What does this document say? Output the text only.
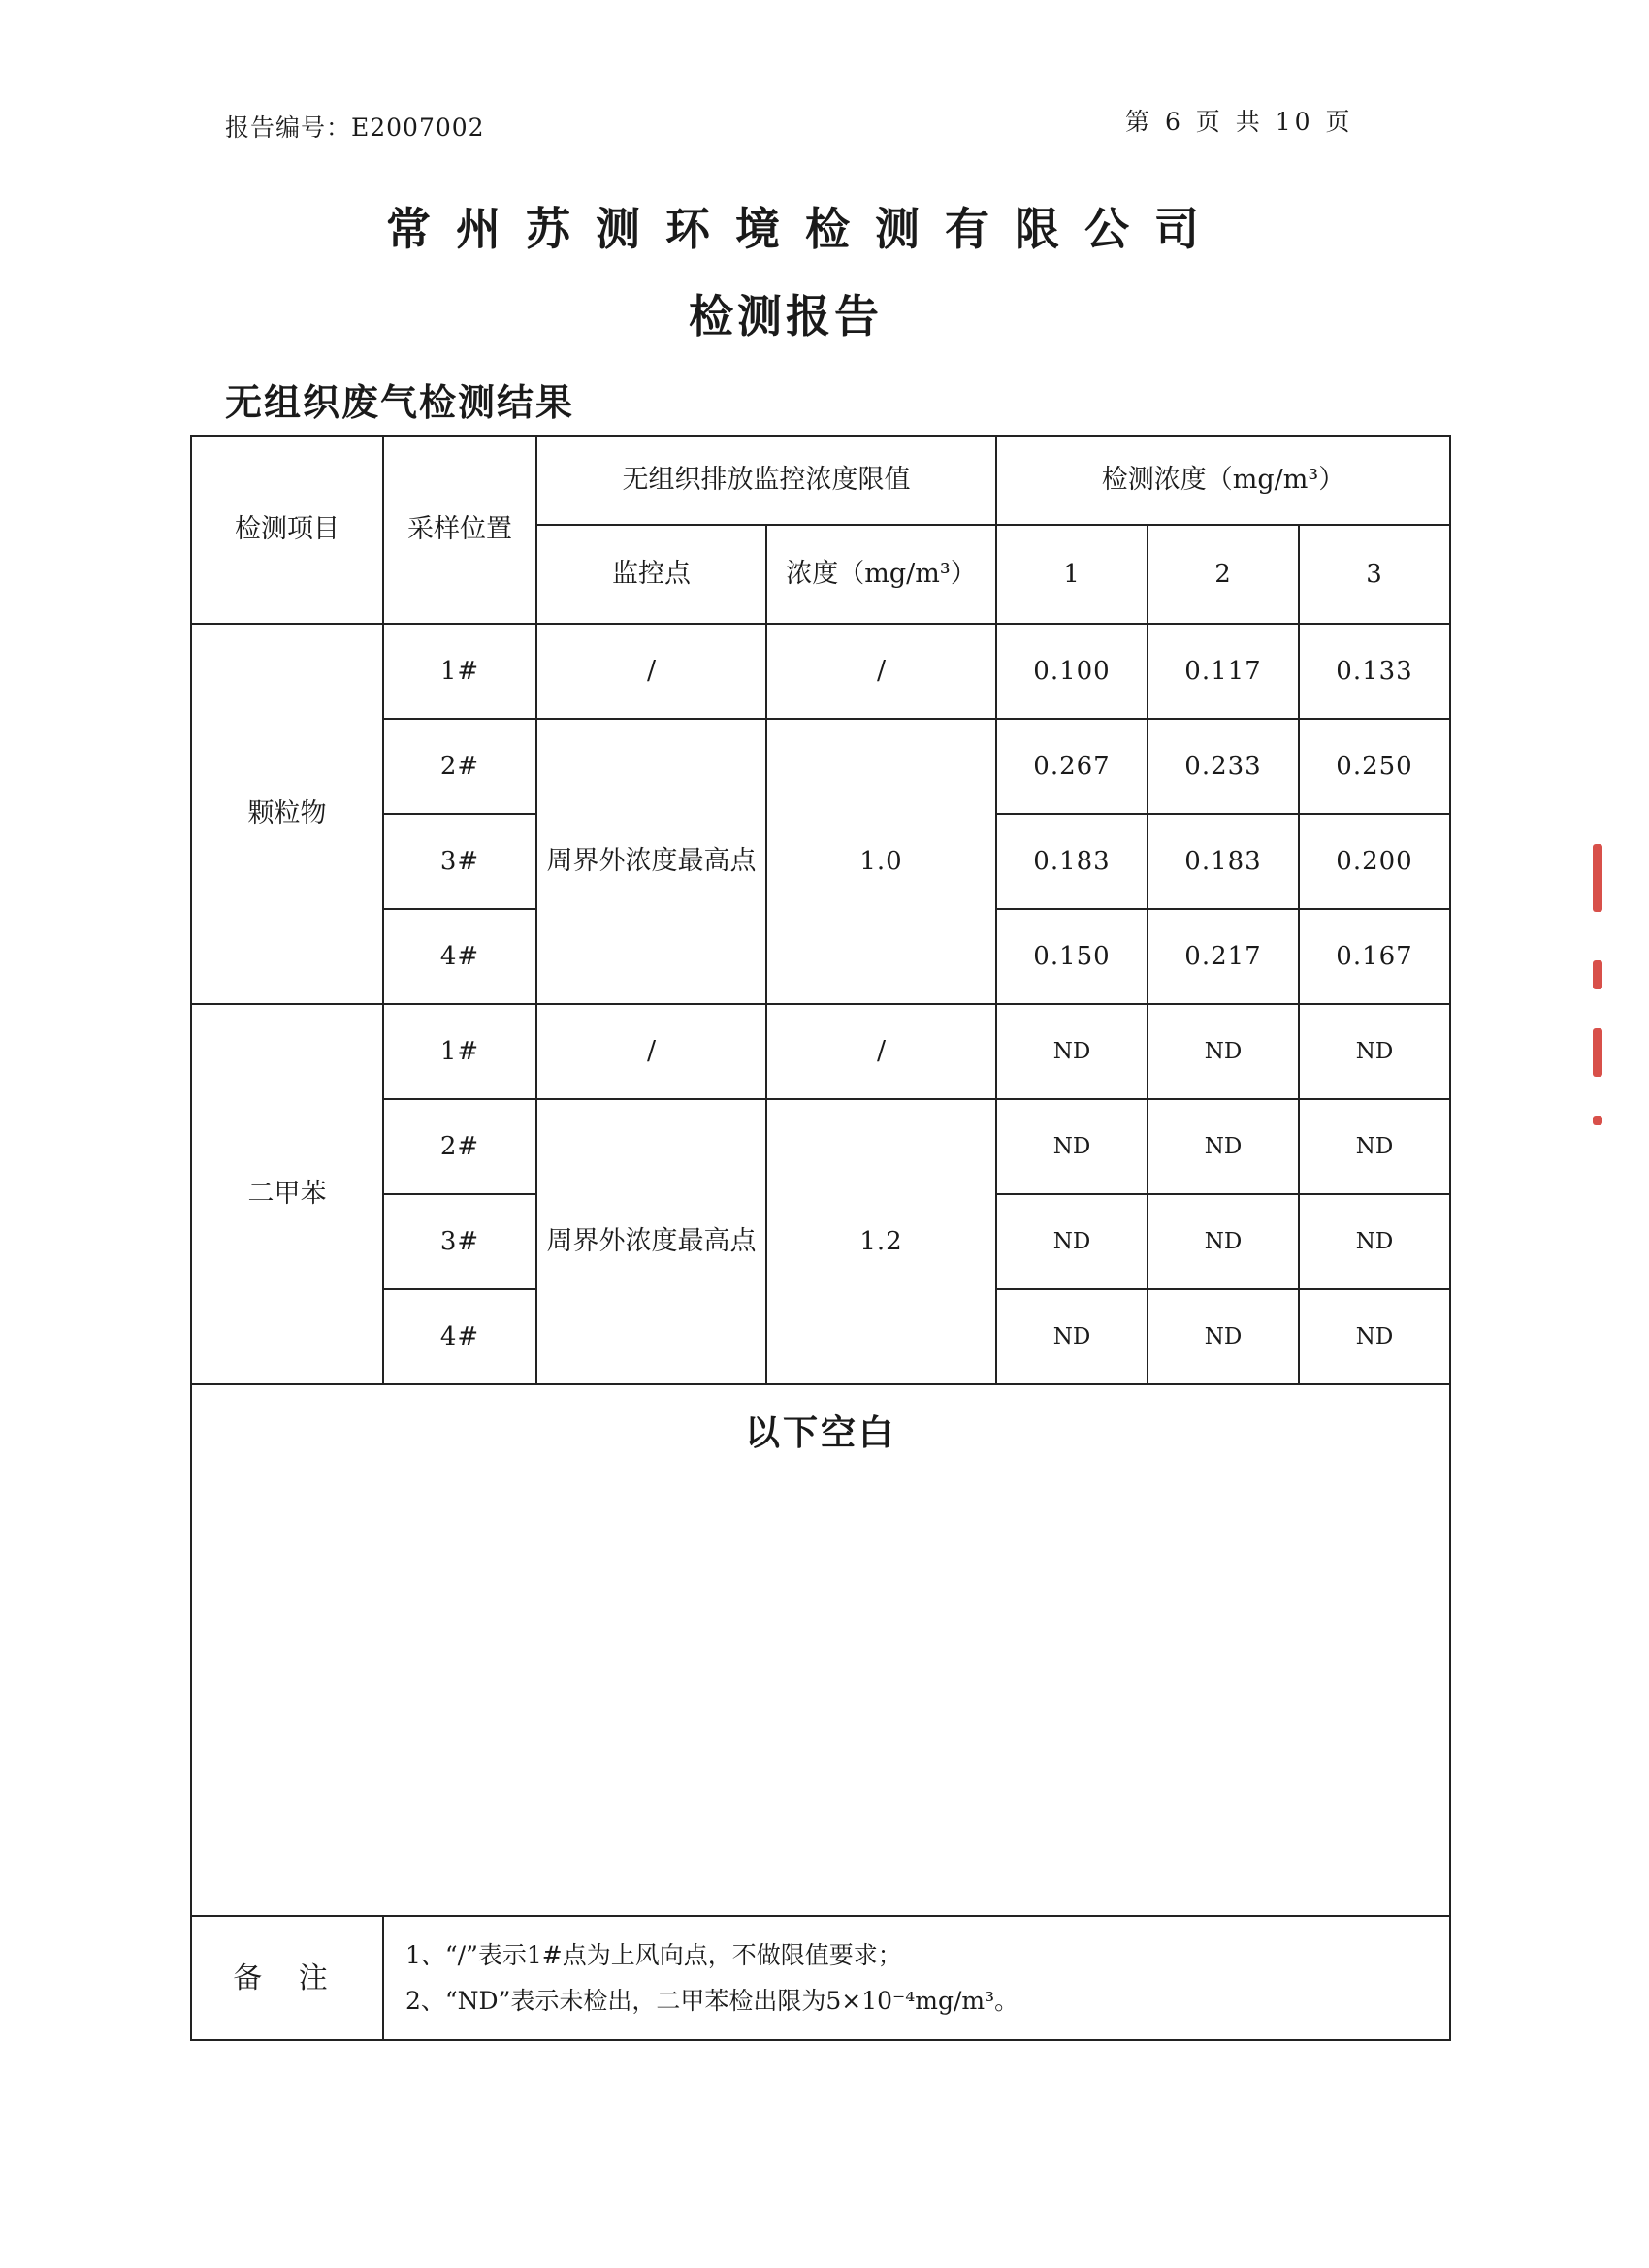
报告编号：E2007002	第 6 页 共 10 页
常州苏测环境检测有限公司
检测报告
无组织废气检测结果
检测项目	采样位置	无组织排放监控浓度限值		检测浓度（mg/m³）		
		监控点	浓度（mg/m³）	1	2	3
颗粒物	1#	/	/	0.100	0.117	0.133
	2#	周界外浓度最高点	1.0	0.267	0.233	0.250
	3#			0.183	0.183	0.200
	4#			0.150	0.217	0.167
二甲苯	1#	/	/	ND	ND	ND
	2#	周界外浓度最高点	1.2	ND	ND	ND
	3#			ND	ND	ND
	4#			ND	ND	ND
以下空白						
备 注	1、“/”表示1#点为上风向点，不做限值要求；
2、“ND”表示未检出，二甲苯检出限为5×10⁻⁴mg/m³。					
